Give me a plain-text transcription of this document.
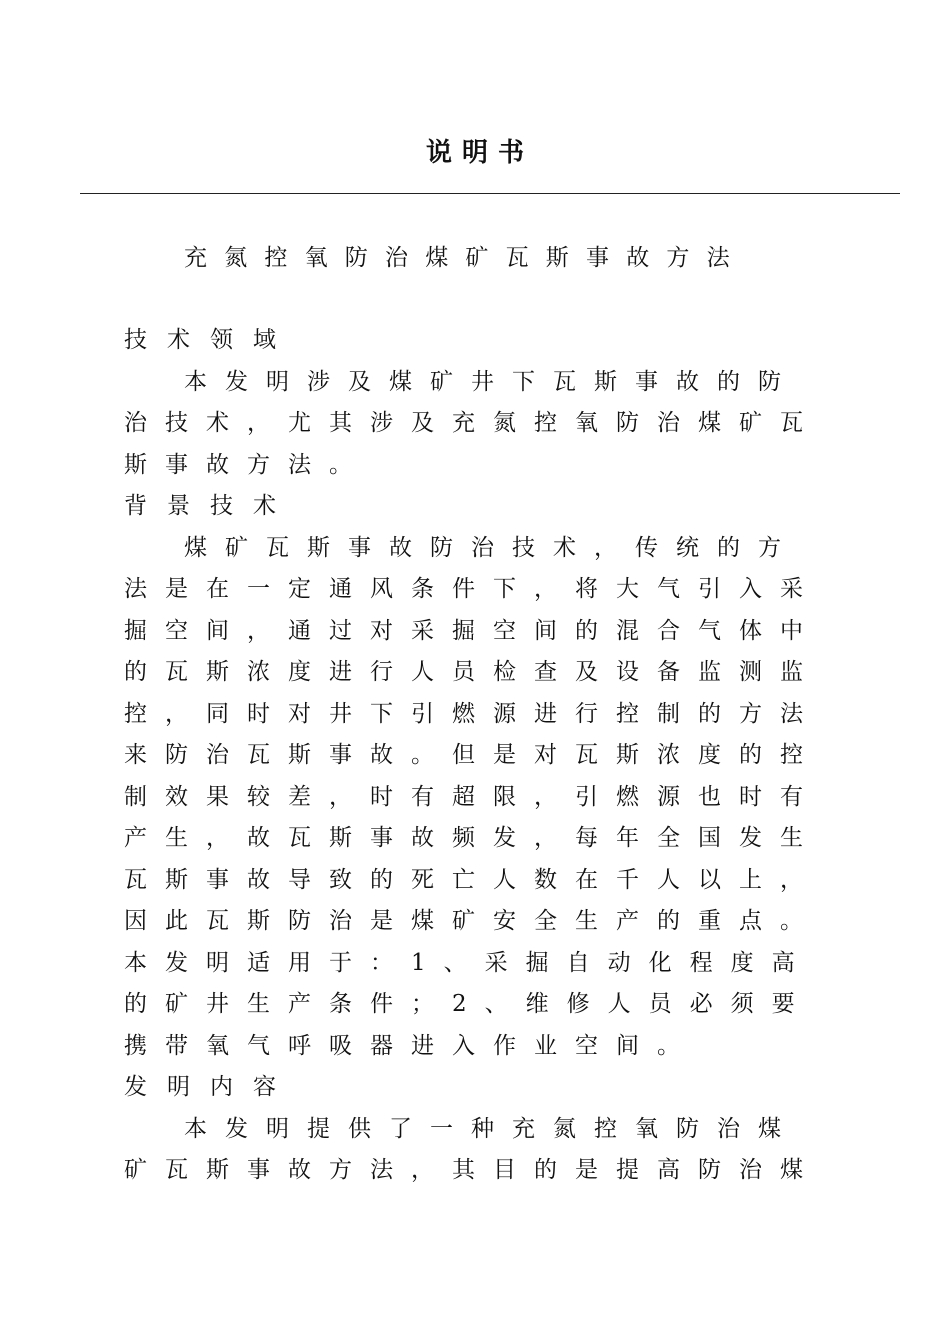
说明书
充氮控氧防治煤矿瓦斯事故方法
技术领域
本发明涉及煤矿井下瓦斯事故的防
治技术，尤其涉及充氮控氧防治煤矿瓦
斯事故方法。
背景技术
煤矿瓦斯事故防治技术，传统的方
法是在一定通风条件下，将大气引入采
掘空间，通过对采掘空间的混合气体中
的瓦斯浓度进行人员检查及设备监测监
控，同时对井下引燃源进行控制的方法
来防治瓦斯事故。但是对瓦斯浓度的控
制效果较差，时有超限，引燃源也时有
产生，故瓦斯事故频发，每年全国发生
瓦斯事故导致的死亡人数在千人以上，
因此瓦斯防治是煤矿安全生产的重点。
本发明适用于：1、采掘自动化程度高
的矿井生产条件；2、维修人员必须要
携带氧气呼吸器进入作业空间。
发明内容
本发明提供了一种充氮控氧防治煤
矿瓦斯事故方法，其目的是提高防治煤
